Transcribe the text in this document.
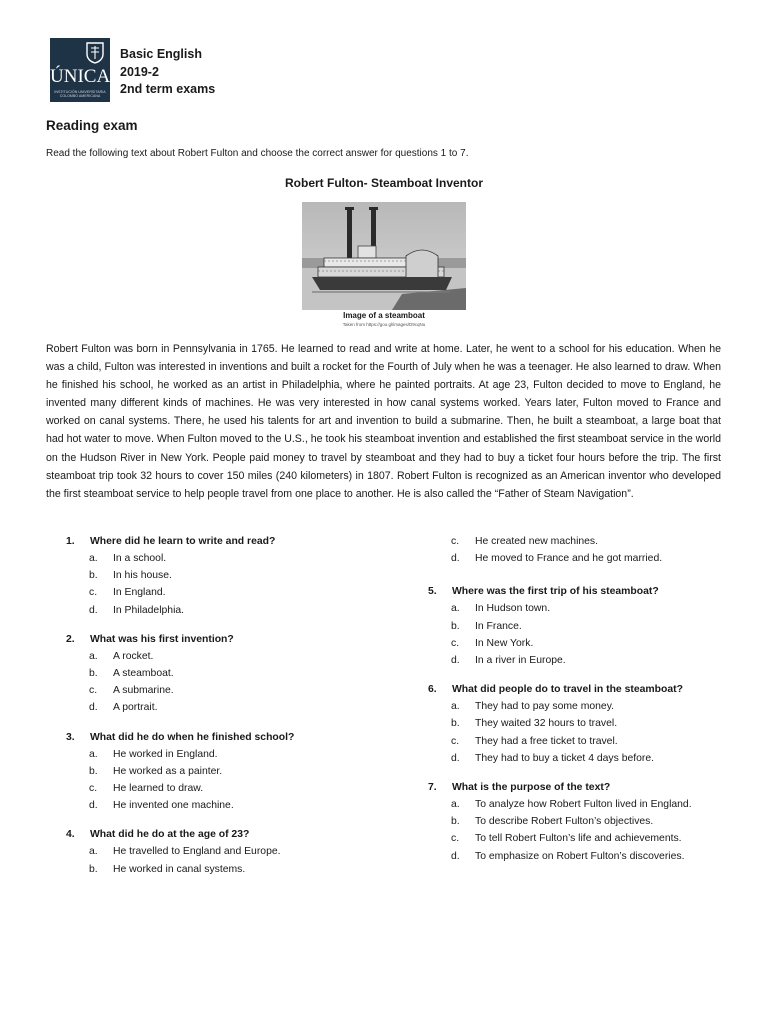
ÚNICA
INSTITUCIÓN UNIVERSITARIA COLOMBO AMERICANA
Basic English
2019-2
2nd term exams
Reading exam
Read the following text about Robert Fulton and choose the correct answer for questions 1 to 7.
Robert Fulton- Steamboat Inventor
Image of a steamboat
Taken from https://goo.gl/images/D9cqNu
Robert Fulton was born in Pennsylvania in 1765. He learned to read and write at home. Later, he went to a school for his education. When he was a child, Fulton was interested in inventions and built a rocket for the Fourth of July when he was a teenager. He also learned to draw. When he finished his school, he worked as an artist in Philadelphia, where he painted portraits. At age 23, Fulton decided to move to England, he invented many different kinds of machines. He was very interested in how canal systems worked. Years later, Fulton moved to France and worked on canal systems. There, he used his talents for art and invention to build a submarine. Then, he built a steamboat, a large boat that had hot water to move. When Fulton moved to the U.S., he took his steamboat invention and established the first steamboat service in the world on the Hudson River in New York. People paid money to travel by steamboat and they had to buy a ticket four hours before the trip. The first steamboat trip took 32 hours to cover 150 miles (240 kilometers) in 1807. Robert Fulton is recognized as an American inventor who developed the first steamboat service to help people travel from one place to another. He is also called the “Father of Steam Navigation”.
1.	Where did he learn to write and read?
a.	In a school.
b.	In his house.
c.	In England.
d.	In Philadelphia.
2.	What was his first invention?
a.	A rocket.
b.	A steamboat.
c.	A submarine.
d.	A portrait.
3.	What did he do when he finished school?
a.	He worked in England.
b.	He worked as a painter.
c.	He learned to draw.
d.	He invented one machine.
4.	What did he do at the age of 23?
a.	He travelled to England and Europe.
b.	He worked in canal systems.
c.	He created new machines.
d.	He moved to France and he got married.
5.	Where was the first trip of his steamboat?
a.	In Hudson town.
b.	In France.
c.	In New York.
d.	In a river in Europe.
6.	What did people do to travel in the steamboat?
a.	They had to pay some money.
b.	They waited 32 hours to travel.
c.	They had a free ticket to travel.
d.	They had to buy a ticket 4 days before.
7.	What is the purpose of the text?
a.	To analyze how Robert Fulton lived in England.
b.	To describe Robert Fulton’s objectives.
c.	To tell Robert Fulton’s life and achievements.
d.	To emphasize on Robert Fulton’s discoveries.
